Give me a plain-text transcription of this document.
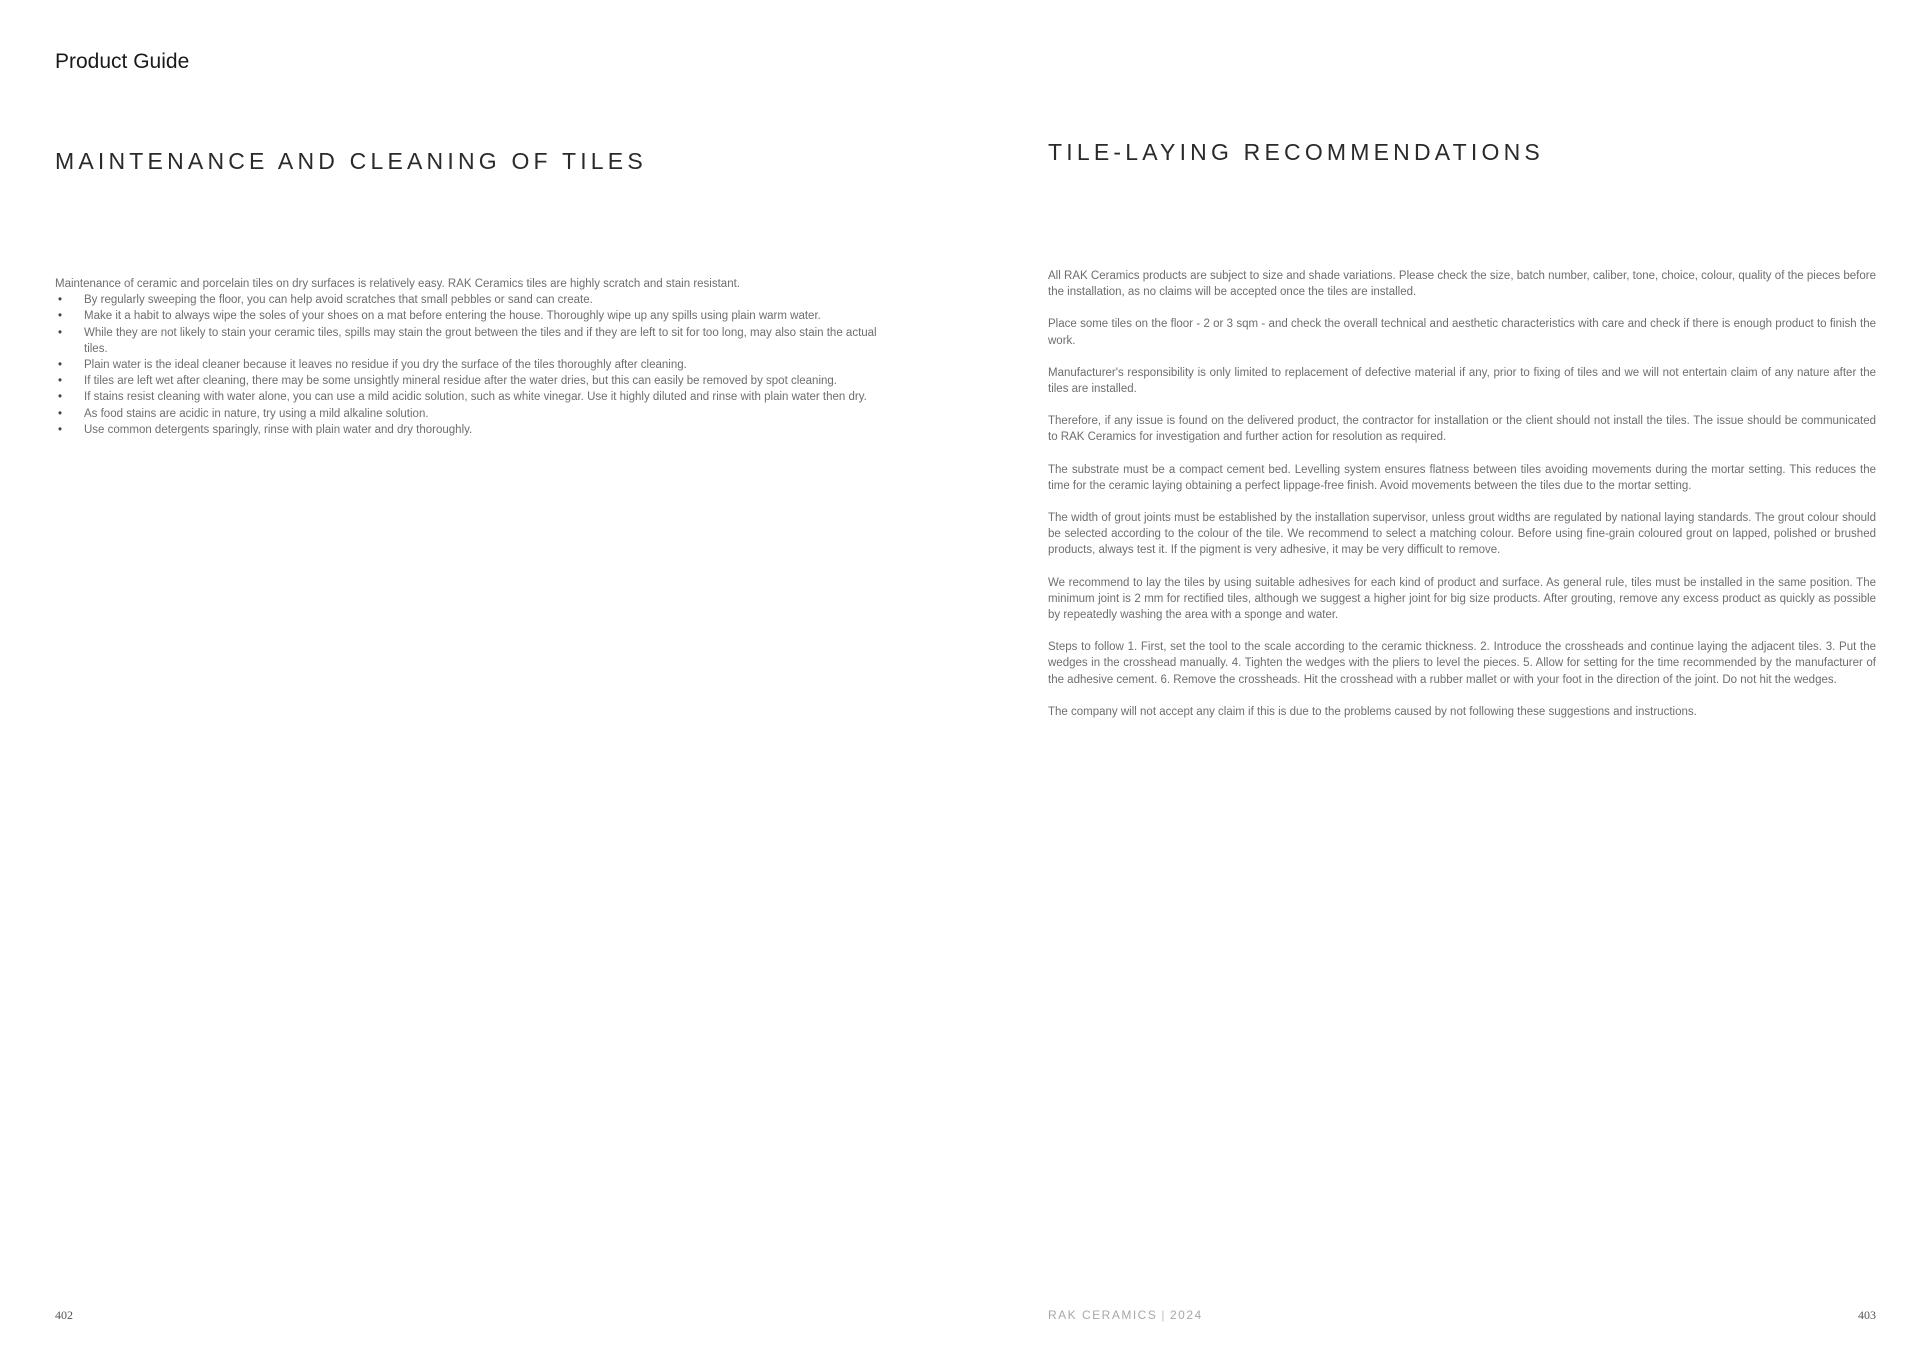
Product Guide
MAINTENANCE AND CLEANING OF TILES

Maintenance of ceramic and porcelain tiles on dry surfaces is relatively easy. RAK Ceramics tiles are highly scratch and stain resistant.

• By regularly sweeping the floor, you can help avoid scratches that small pebbles or sand can create.
• Make it a habit to always wipe the soles of your shoes on a mat before entering the house. Thoroughly wipe up any spills using plain warm water.
• While they are not likely to stain your ceramic tiles, spills may stain the grout between the tiles and if they are left to sit for too long, may also stain the actual tiles.
• Plain water is the ideal cleaner because it leaves no residue if you dry the surface of the tiles thoroughly after cleaning.
• If tiles are left wet after cleaning, there may be some unsightly mineral residue after the water dries, but this can easily be removed by spot cleaning.
• If stains resist cleaning with water alone, you can use a mild acidic solution, such as white vinegar. Use it highly diluted and rinse with plain water then dry.
• As food stains are acidic in nature, try using a mild alkaline solution.
• Use common detergents sparingly, rinse with plain water and dry thoroughly.
TILE-LAYING RECOMMENDATIONS

All RAK Ceramics products are subject to size and shade variations. Please check the size, batch number, caliber, tone, choice, colour, quality of the pieces before the installation, as no claims will be accepted once the tiles are installed.

Place some tiles on the floor - 2 or 3 sqm - and check the overall technical and aesthetic characteristics with care and check if there is enough product to finish the work.

Manufacturer's responsibility is only limited to replacement of defective material if any, prior to fixing of tiles and we will not entertain claim of any nature after the tiles are installed.

Therefore, if any issue is found on the delivered product, the contractor for installation or the client should not install the tiles. The issue should be communicated to RAK Ceramics for investigation and further action for resolution as required.

The substrate must be a compact cement bed. Levelling system ensures flatness between tiles avoiding movements during the mortar setting. This reduces the time for the ceramic laying obtaining a perfect lippage-free finish. Avoid movements between the tiles due to the mortar setting.

The width of grout joints must be established by the installation supervisor, unless grout widths are regulated by national laying standards. The grout colour should be selected according to the colour of the tile. We recommend to select a matching colour. Before using fine-grain coloured grout on lapped, polished or brushed products, always test it. If the pigment is very adhesive, it may be very difficult to remove.

We recommend to lay the tiles by using suitable adhesives for each kind of product and surface. As general rule, tiles must be installed in the same position. The minimum joint is 2 mm for rectified tiles, although we suggest a higher joint for big size products. After grouting, remove any excess product as quickly as possible by repeatedly washing the area with a sponge and water.

Steps to follow 1. First, set the tool to the scale according to the ceramic thickness. 2. Introduce the crossheads and continue laying the adjacent tiles. 3. Put the wedges in the crosshead manually. 4. Tighten the wedges with the pliers to level the pieces. 5. Allow for setting for the time recommended by the manufacturer of the adhesive cement. 6. Remove the crossheads. Hit the crosshead with a rubber mallet or with your foot in the direction of the joint. Do not hit the wedges.

The company will not accept any claim if this is due to the problems caused by not following these suggestions and instructions.

402	RAK CERAMICS | 2024	403
